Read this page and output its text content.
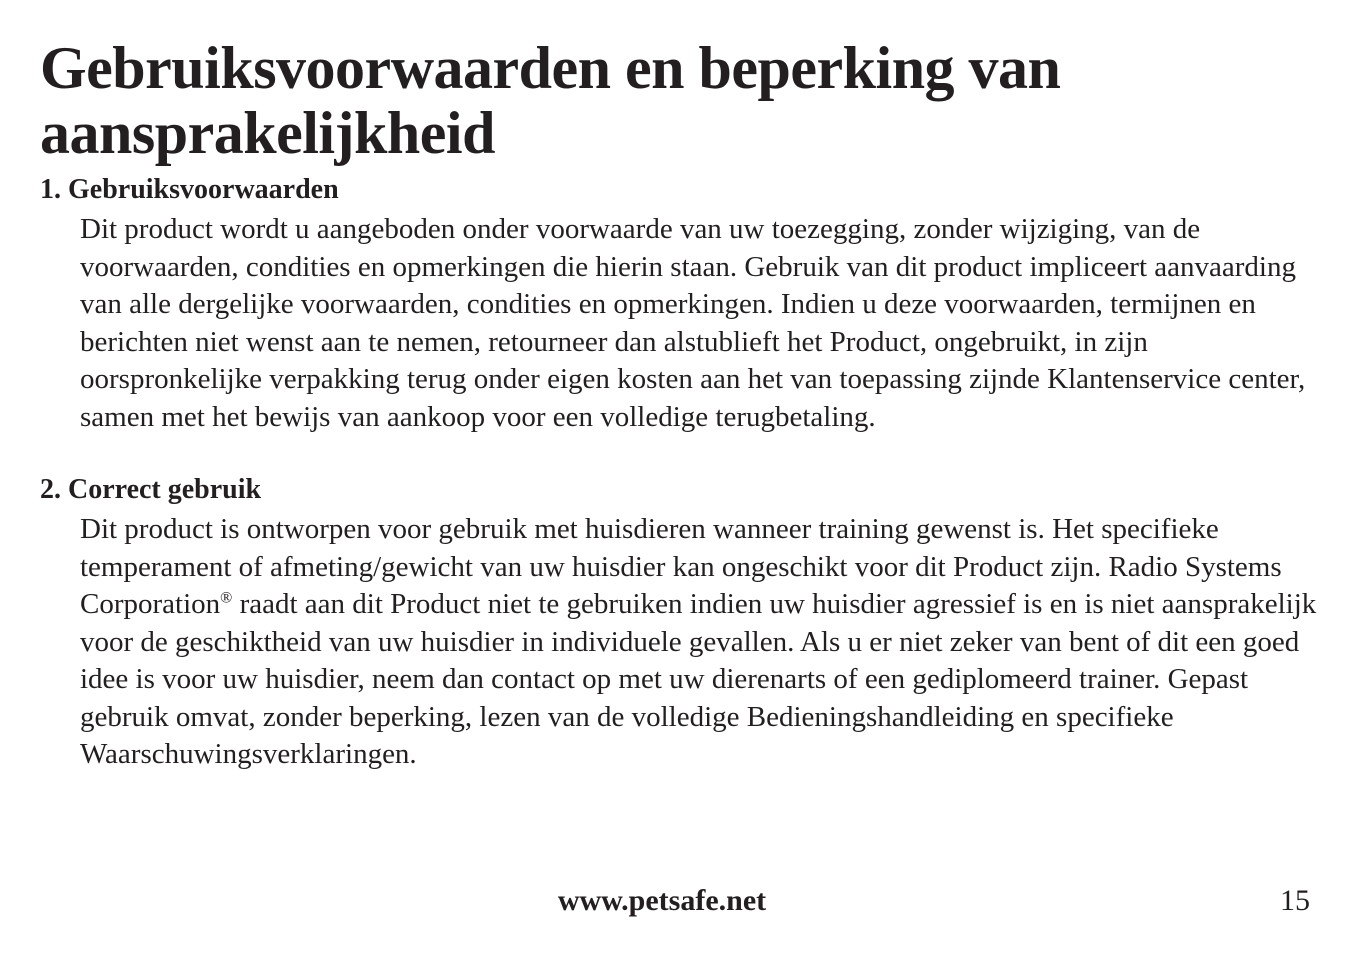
Gebruiksvoorwaarden en beperking van aansprakelijkheid
1. Gebruiksvoorwaarden

Dit product wordt u aangeboden onder voorwaarde van uw toezegging, zonder wijziging, van de voorwaarden, condities en opmerkingen die hierin staan. Gebruik van dit product impliceert aanvaarding van alle dergelijke voorwaarden, condities en opmerkingen. Indien u deze voorwaarden, termijnen en berichten niet wenst aan te nemen, retourneer dan alstublieft het Product, ongebruikt, in zijn oorspronkelijke verpakking terug onder eigen kosten aan het van toepassing zijnde Klantenservice center, samen met het bewijs van aankoop voor een volledige terugbetaling.

2. Correct gebruik

Dit product is ontworpen voor gebruik met huisdieren wanneer training gewenst is. Het specifieke temperament of afmeting/gewicht van uw huisdier kan ongeschikt voor dit Product zijn. Radio Systems Corporation® raadt aan dit Product niet te gebruiken indien uw huisdier agressief is en is niet aansprakelijk voor de geschiktheid van uw huisdier in individuele gevallen. Als u er niet zeker van bent of dit een goed idee is voor uw huisdier, neem dan contact op met uw dierenarts of een gediplomeerd trainer. Gepast gebruik omvat, zonder beperking, lezen van de volledige Bedieningshandleiding en specifieke Waarschuwingsverklaringen.

www.petsafe.net	15
